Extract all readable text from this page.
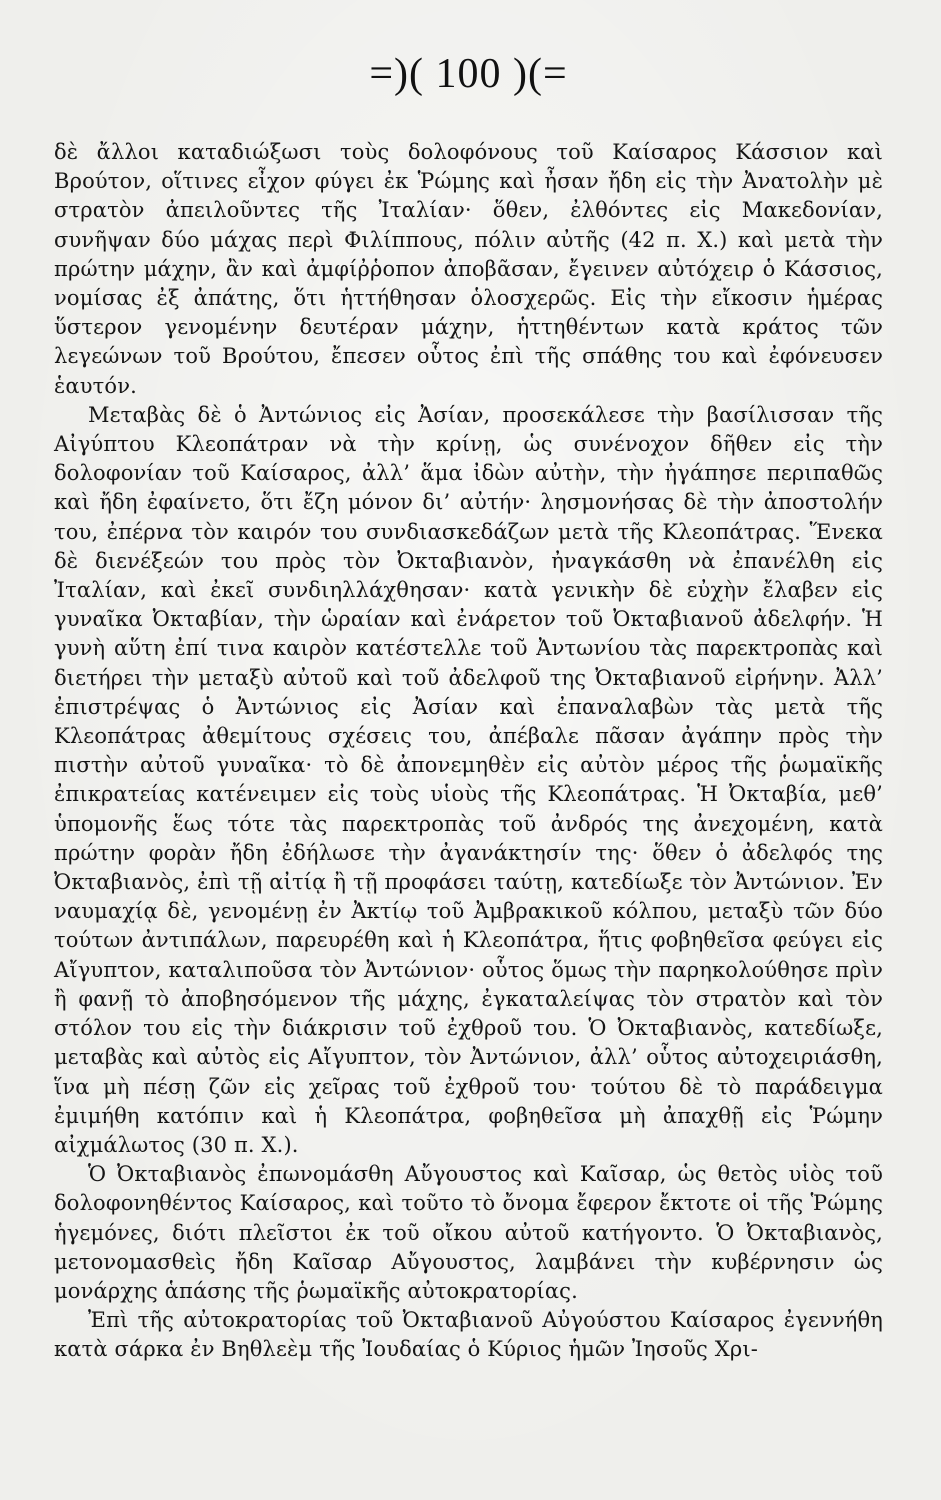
=)( 100 )(=

δὲ ἄλλοι καταδιώξωσι τοὺς δολοφόνους τοῦ Καίσαρος Κάσσιον καὶ Βρούτον, οἵτινες εἶχον φύγει ἐκ Ῥώμης καὶ ἦσαν ἤδη εἰς τὴν Ἀνατολὴν μὲ στρατὸν ἀπειλοῦντες τῆς Ἰταλίαν· ὅθεν, ἐλθόντες εἰς Μακεδονίαν, συνῆψαν δύο μάχας περὶ Φιλίππους, πόλιν αὐτῆς (42 π. Χ.) καὶ μετὰ τὴν πρώτην μάχην, ἂν καὶ ἀμφίῤῥοπον ἀποβᾶσαν, ἔγεινεν αὐτόχειρ ὁ Κάσσιος, νομίσας ἐξ ἀπάτης, ὅτι ἡττήθησαν ὁλοσχερῶς. Εἰς τὴν εἴκοσιν ἡμέρας ὕστερον γενομένην δευτέραν μάχην, ἡττηθέντων κατὰ κράτος τῶν λεγεώνων τοῦ Βρούτου, ἔπεσεν οὗτος ἐπὶ τῆς σπάθης του καὶ ἐφόνευσεν ἑαυτόν.

Μεταβὰς δὲ ὁ Ἀντώνιος εἰς Ἀσίαν, προσεκάλεσε τὴν βασίλισσαν τῆς Αἰγύπτου Κλεοπάτραν νὰ τὴν κρίνῃ, ὡς συνένοχον δῆθεν εἰς τὴν δολοφονίαν τοῦ Καίσαρος, ἀλλ’ ἅμα ἰδὼν αὐτὴν, τὴν ἠγάπησε περιπαθῶς καὶ ἤδη ἐφαίνετο, ὅτι ἔζη μόνον δι’ αὐτήν· λησμονήσας δὲ τὴν ἀποστολήν του, ἐπέρνα τὸν καιρόν του συνδιασκεδάζων μετὰ τῆς Κλεοπάτρας. Ἕνεκα δὲ διενέξεών του πρὸς τὸν Ὀκταβιανὸν, ἠναγκάσθη νὰ ἐπανέλθη εἰς Ἰταλίαν, καὶ ἐκεῖ συνδιηλλάχθησαν· κατὰ γενικὴν δὲ εὐχὴν ἔλαβεν εἰς γυναῖκα Ὀκταβίαν, τὴν ὡραίαν καὶ ἐνάρετον τοῦ Ὀκταβιανοῦ ἀδελφήν. Ἡ γυνὴ αὕτη ἐπί τινα καιρὸν κατέστελλε τοῦ Ἀντωνίου τὰς παρεκτροπὰς καὶ διετήρει τὴν μεταξὺ αὐτοῦ καὶ τοῦ ἀδελφοῦ της Ὀκταβιανοῦ εἰρήνην. Ἀλλ’ ἐπιστρέψας ὁ Ἀντώνιος εἰς Ἀσίαν καὶ ἐπαναλαβὼν τὰς μετὰ τῆς Κλεοπάτρας ἀθεμίτους σχέσεις του, ἀπέβαλε πᾶσαν ἀγάπην πρὸς τὴν πιστὴν αὐτοῦ γυναῖκα· τὸ δὲ ἀπονεμηθὲν εἰς αὐτὸν μέρος τῆς ῥωμαϊκῆς ἐπικρατείας κατένειμεν εἰς τοὺς υἱοὺς τῆς Κλεοπάτρας. Ἡ Ὀκταβία, μεθ’ ὑπομονῆς ἕως τότε τὰς παρεκτροπὰς τοῦ ἀνδρός της ἀνεχομένη, κατὰ πρώτην φορὰν ἤδη ἐδήλωσε τὴν ἀγανάκτησίν της· ὅθεν ὁ ἀδελφός της Ὀκταβιανὸς, ἐπὶ τῇ αἰτίᾳ ἢ τῇ προφάσει ταύτῃ, κατεδίωξε τὸν Ἀντώνιον. Ἐν ναυμαχίᾳ δὲ, γενομένῃ ἐν Ἀκτίῳ τοῦ Ἀμβρακικοῦ κόλπου, μεταξὺ τῶν δύο τούτων ἀντιπάλων, παρευρέθη καὶ ἡ Κλεοπάτρα, ἥτις φοβηθεῖσα φεύγει εἰς Αἴγυπτον, καταλιποῦσα τὸν Ἀντώνιον· οὗτος ὅμως τὴν παρηκολούθησε πρὶν ἢ φανῇ τὸ ἀποβησόμενον τῆς μάχης, ἐγκαταλείψας τὸν στρατὸν καὶ τὸν στόλον του εἰς τὴν διάκρισιν τοῦ ἐχθροῦ του. Ὁ Ὀκταβιανὸς, κατεδίωξε, μεταβὰς καὶ αὐτὸς εἰς Αἴγυπτον, τὸν Ἀντώνιον, ἀλλ’ οὗτος αὐτοχειριάσθη, ἵνα μὴ πέσῃ ζῶν εἰς χεῖρας τοῦ ἐχθροῦ του· τούτου δὲ τὸ παράδειγμα ἐμιμήθη κατόπιν καὶ ἡ Κλεοπάτρα, φοβηθεῖσα μὴ ἀπαχθῇ εἰς Ῥώμην αἰχμάλωτος (30 π. Χ.).

Ὁ Ὀκταβιανὸς ἐπωνομάσθη Αὔγουστος καὶ Καῖσαρ, ὡς θετὸς υἱὸς τοῦ δολοφονηθέντος Καίσαρος, καὶ τοῦτο τὸ ὄνομα ἔφερον ἔκτοτε οἱ τῆς Ῥώμης ἡγεμόνες, διότι πλεῖστοι ἐκ τοῦ οἴκου αὐτοῦ κατήγοντο. Ὁ Ὀκταβιανὸς, μετονομασθεὶς ἤδη Καῖσαρ Αὔγουστος, λαμβάνει τὴν κυβέρνησιν ὡς μονάρχης ἁπάσης τῆς ῥωμαϊκῆς αὐτοκρατορίας.

Ἐπὶ τῆς αὐτοκρατορίας τοῦ Ὀκταβιανοῦ Αὐγούστου Καίσαρος ἐγεννήθη κατὰ σάρκα ἐν Βηθλεὲμ τῆς Ἰουδαίας ὁ Κύριος ἡμῶν Ἰησοῦς Χρι-
